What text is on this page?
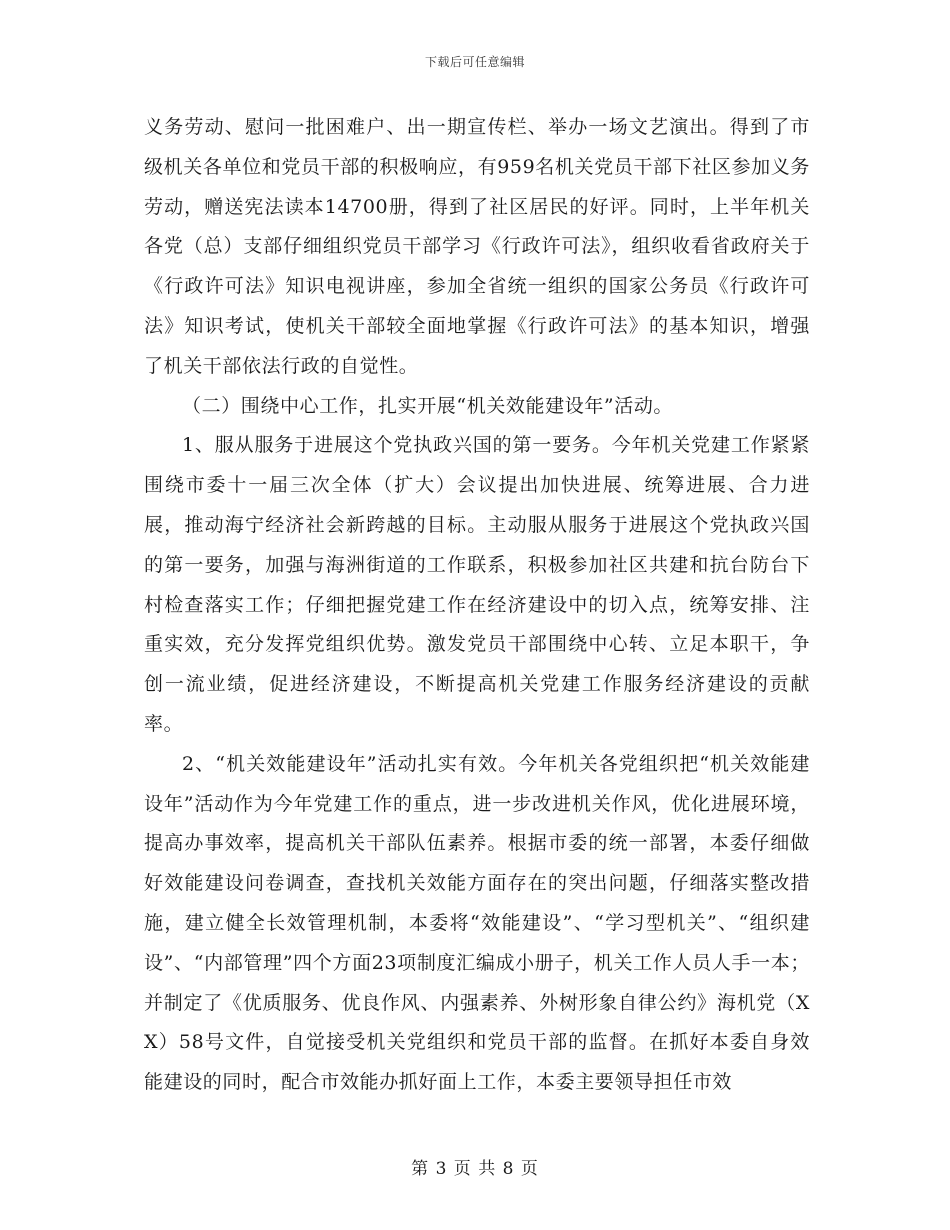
下载后可任意编辑

义务劳动、慰问一批困难户、出一期宣传栏、举办一场文艺演出。得到了市级机关各单位和党员干部的积极响应，有959名机关党员干部下社区参加义务劳动，赠送宪法读本14700册，得到了社区居民的好评。同时，上半年机关各党（总）支部仔细组织党员干部学习《行政许可法》，组织收看省政府关于《行政许可法》知识电视讲座，参加全省统一组织的国家公务员《行政许可法》知识考试，使机关干部较全面地掌握《行政许可法》的基本知识，增强了机关干部依法行政的自觉性。

（二）围绕中心工作，扎实开展“机关效能建设年”活动。

1、服从服务于进展这个党执政兴国的第一要务。今年机关党建工作紧紧围绕市委十一届三次全体（扩大）会议提出加快进展、统筹进展、合力进展，推动海宁经济社会新跨越的目标。主动服从服务于进展这个党执政兴国的第一要务，加强与海洲街道的工作联系，积极参加社区共建和抗台防台下村检查落实工作；仔细把握党建工作在经济建设中的切入点，统筹安排、注重实效，充分发挥党组织优势。激发党员干部围绕中心转、立足本职干，争创一流业绩，促进经济建设，不断提高机关党建工作服务经济建设的贡献率。

2、“机关效能建设年”活动扎实有效。今年机关各党组织把“机关效能建设年”活动作为今年党建工作的重点，进一步改进机关作风，优化进展环境，提高办事效率，提高机关干部队伍素养。根据市委的统一部署，本委仔细做好效能建设问卷调查，查找机关效能方面存在的突出问题，仔细落实整改措施，建立健全长效管理机制，本委将“效能建设”、“学习型机关”、“组织建设”、“内部管理”四个方面23项制度汇编成小册子，机关工作人员人手一本；并制定了《优质服务、优良作风、内强素养、外树形象自律公约》海机党（XX）58号文件，自觉接受机关党组织和党员干部的监督。在抓好本委自身效能建设的同时，配合市效能办抓好面上工作，本委主要领导担任市效

第 3 页 共 8 页
